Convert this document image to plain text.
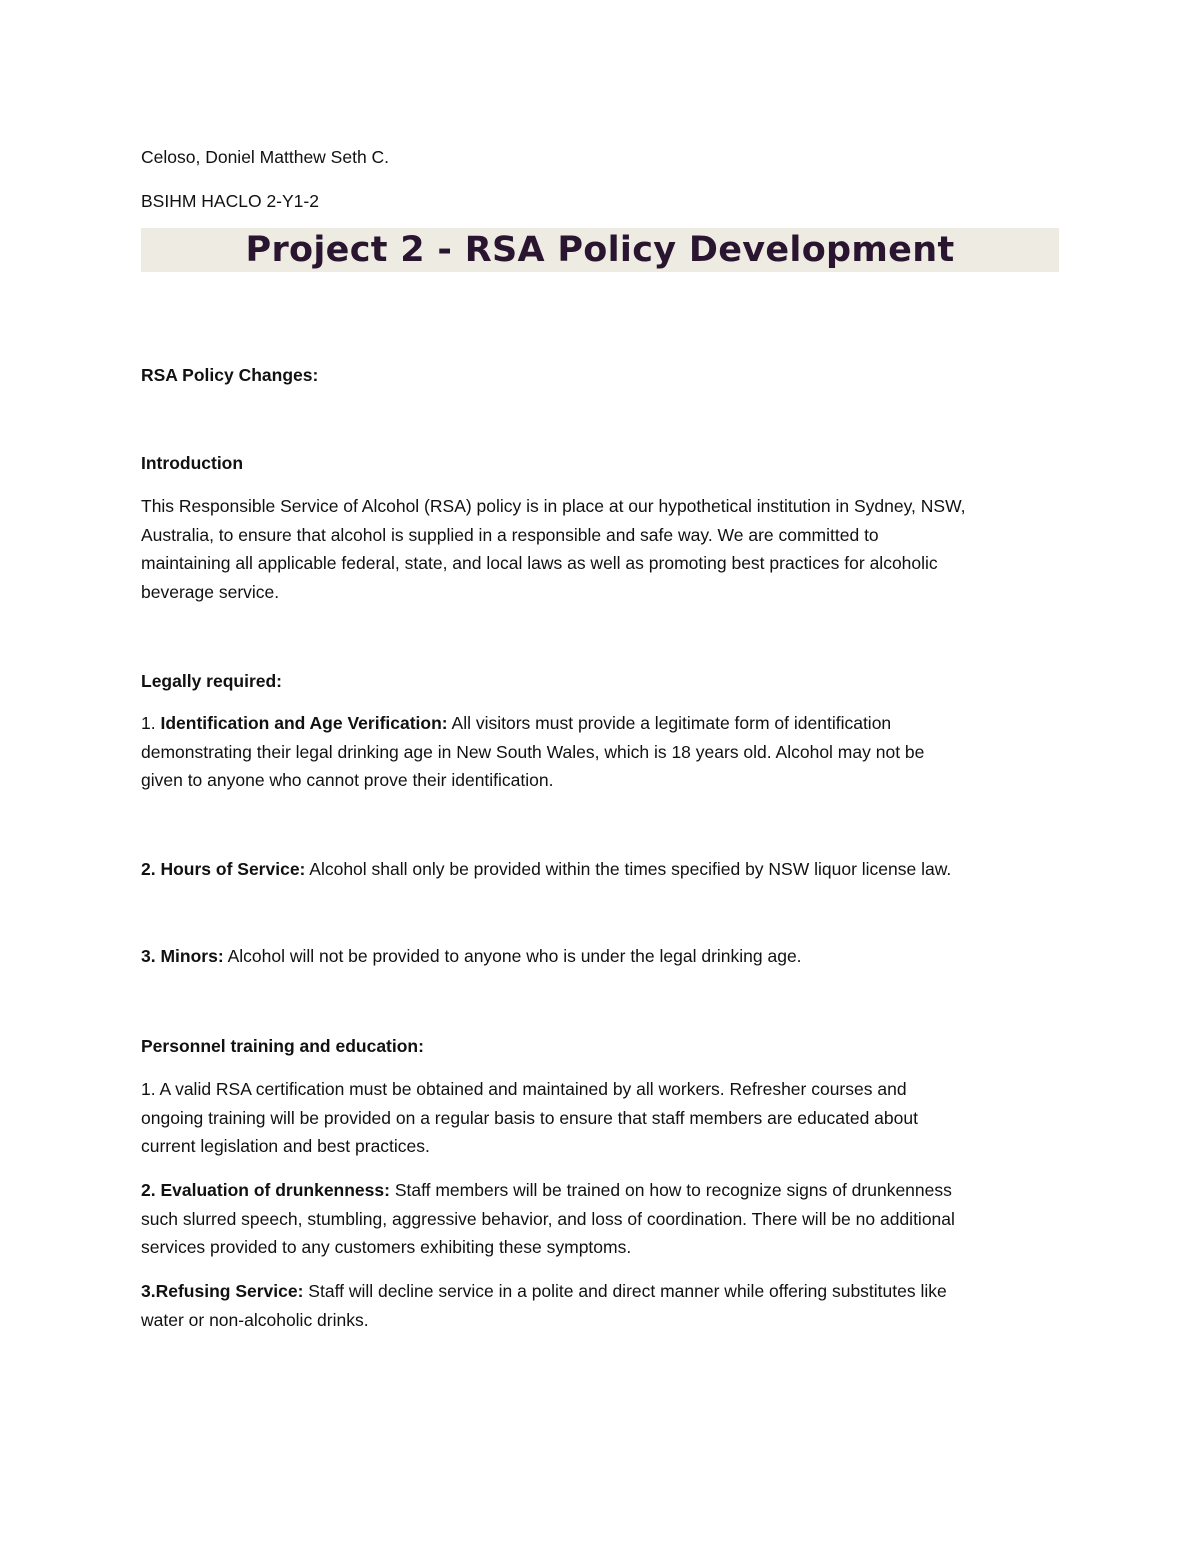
Celoso, Doniel Matthew Seth C.
BSIHM HACLO 2-Y1-2
Project 2 - RSA Policy Development
RSA Policy Changes:
Introduction
This Responsible Service of Alcohol (RSA) policy is in place at our hypothetical institution in Sydney, NSW,
Australia, to ensure that alcohol is supplied in a responsible and safe way. We are committed to
maintaining all applicable federal, state, and local laws as well as promoting best practices for alcoholic
beverage service.
Legally required:
1. Identification and Age Verification: All visitors must provide a legitimate form of identification
demonstrating their legal drinking age in New South Wales, which is 18 years old. Alcohol may not be
given to anyone who cannot prove their identification.
2. Hours of Service: Alcohol shall only be provided within the times specified by NSW liquor license law.
3. Minors: Alcohol will not be provided to anyone who is under the legal drinking age.
Personnel training and education:
1. A valid RSA certification must be obtained and maintained by all workers. Refresher courses and
ongoing training will be provided on a regular basis to ensure that staff members are educated about
current legislation and best practices.
2. Evaluation of drunkenness: Staff members will be trained on how to recognize signs of drunkenness
such slurred speech, stumbling, aggressive behavior, and loss of coordination. There will be no additional
services provided to any customers exhibiting these symptoms.
3.Refusing Service: Staff will decline service in a polite and direct manner while offering substitutes like
water or non-alcoholic drinks.
